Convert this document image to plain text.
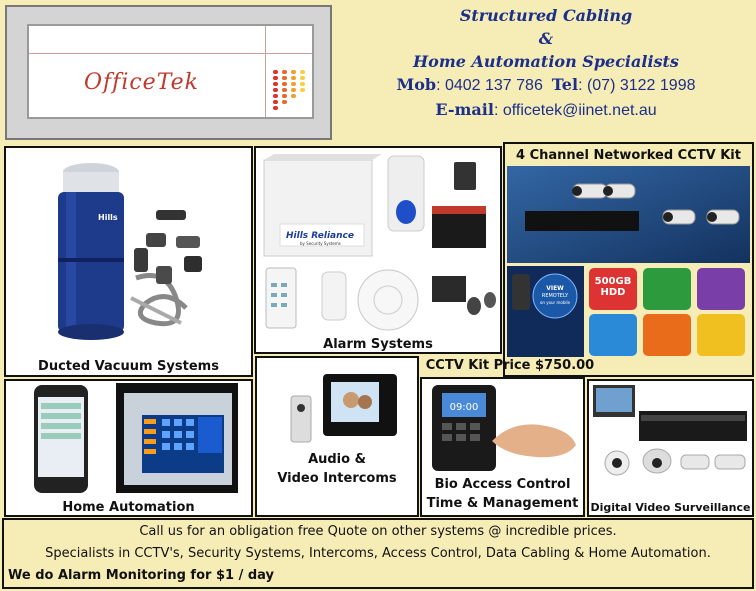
OfficeTek
Structured Cabling
&
Home Automation Specialists
Mob: 0402 137 786 Tel: (07) 3122 1998
E-mail: officetek@iinet.net.au
Hills
Ducted Vacuum Systems
Hills Reliance
by Security Systems
Alarm Systems
4 Channel Networked CCTV Kit
VIEW
REMOTELY
on your mobile
500GB HDD
CCTV Kit Price $750.00
Home Automation
Audio &
Video Intercoms
09:00
Bio Access Control
Time & Management	Digital Video Surveillance
Call us for an obligation free Quote on other systems @ incredible prices.
Specialists in CCTV's, Security Systems, Intercoms, Access Control, Data Cabling & Home Automation.
We do Alarm Monitoring for $1 / day
